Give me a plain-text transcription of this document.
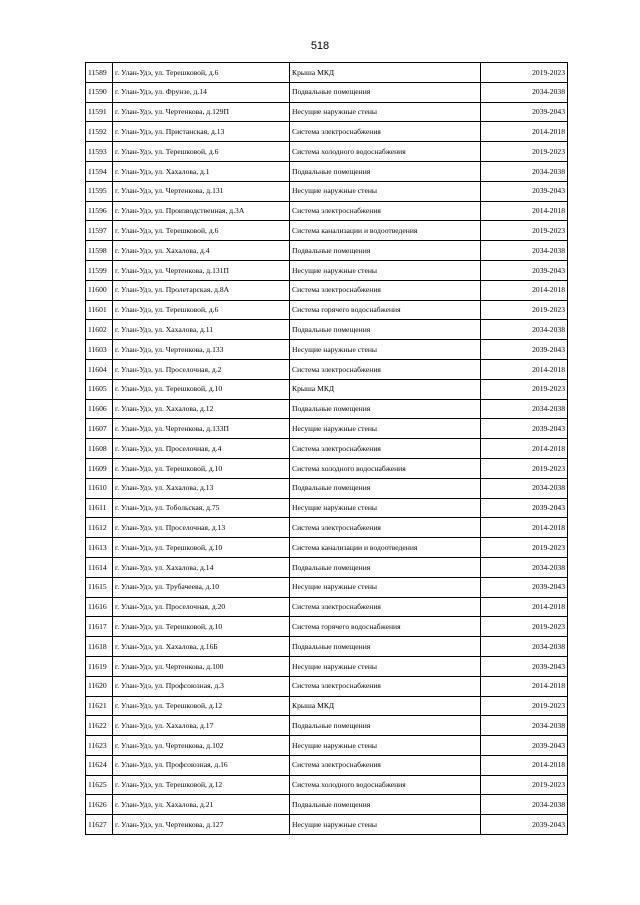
518
11589	г. Улан-Удэ, ул. Терешковой, д.6	Крыша МКД	2019-2023
11590	г. Улан-Удэ, ул. Фрунзе, д.14	Подвальные помещения	2034-2038
11591	г. Улан-Удэ, ул. Чертенкова, д.129П	Несущие наружные стены	2039-2043
11592	г. Улан-Удэ, ул. Пристанская, д.13	Система электроснабжения	2014-2018
11593	г. Улан-Удэ, ул. Терешковой, д.6	Система холодного водоснабжения	2019-2023
11594	г. Улан-Удэ, ул. Хахалова, д.1	Подвальные помещения	2034-2038
11595	г. Улан-Удэ, ул. Чертенкова, д.131	Несущие наружные стены	2039-2043
11596	г. Улан-Удэ, ул. Производственная, д.3А	Система электроснабжения	2014-2018
11597	г. Улан-Удэ, ул. Терешковой, д.6	Система канализации и водоотведения	2019-2023
11598	г. Улан-Удэ, ул. Хахалова, д.4	Подвальные помещения	2034-2038
11599	г. Улан-Удэ, ул. Чертенкова, д.131П	Несущие наружные стены	2039-2043
11600	г. Улан-Удэ, ул. Пролетарская, д.8А	Система электроснабжения	2014-2018
11601	г. Улан-Удэ, ул. Терешковой, д.6	Система горячего водоснабжения	2019-2023
11602	г. Улан-Удэ, ул. Хахалова, д.11	Подвальные помещения	2034-2038
11603	г. Улан-Удэ, ул. Чертенкова, д.133	Несущие наружные стены	2039-2043
11604	г. Улан-Удэ, ул. Проселочная, д.2	Система электроснабжения	2014-2018
11605	г. Улан-Удэ, ул. Терешковой, д.10	Крыша МКД	2019-2023
11606	г. Улан-Удэ, ул. Хахалова, д.12	Подвальные помещения	2034-2038
11607	г. Улан-Удэ, ул. Чертенкова, д.133П	Несущие наружные стены	2039-2043
11608	г. Улан-Удэ, ул. Проселочная, д.4	Система электроснабжения	2014-2018
11609	г. Улан-Удэ, ул. Терешковой, д.10	Система холодного водоснабжения	2019-2023
11610	г. Улан-Удэ, ул. Хахалова, д.13	Подвальные помещения	2034-2038
11611	г. Улан-Удэ, ул. Тобольская, д.75	Несущие наружные стены	2039-2043
11612	г. Улан-Удэ, ул. Проселочная, д.13	Система электроснабжения	2014-2018
11613	г. Улан-Удэ, ул. Терешковой, д.10	Система канализации и водоотведения	2019-2023
11614	г. Улан-Удэ, ул. Хахалова, д.14	Подвальные помещения	2034-2038
11615	г. Улан-Удэ, ул. Трубачеева, д.10	Несущие наружные стены	2039-2043
11616	г. Улан-Удэ, ул. Проселочная, д.20	Система электроснабжения	2014-2018
11617	г. Улан-Удэ, ул. Терешковой, д.10	Система горячего водоснабжения	2019-2023
11618	г. Улан-Удэ, ул. Хахалова, д.16Б	Подвальные помещения	2034-2038
11619	г. Улан-Удэ, ул. Чертенкова, д.100	Несущие наружные стены	2039-2043
11620	г. Улан-Удэ, ул. Профсоюзная, д.3	Система электроснабжения	2014-2018
11621	г. Улан-Удэ, ул. Терешковой, д.12	Крыша МКД	2019-2023
11622	г. Улан-Удэ, ул. Хахалова, д.17	Подвальные помещения	2034-2038
11623	г. Улан-Удэ, ул. Чертенкова, д.102	Несущие наружные стены	2039-2043
11624	г. Улан-Удэ, ул. Профсоюзная, д.16	Система электроснабжения	2014-2018
11625	г. Улан-Удэ, ул. Терешковой, д.12	Система холодного водоснабжения	2019-2023
11626	г. Улан-Удэ, ул. Хахалова, д.21	Подвальные помещения	2034-2038
11627	г. Улан-Удэ, ул. Чертенкова, д.127	Несущие наружные стены	2039-2043
